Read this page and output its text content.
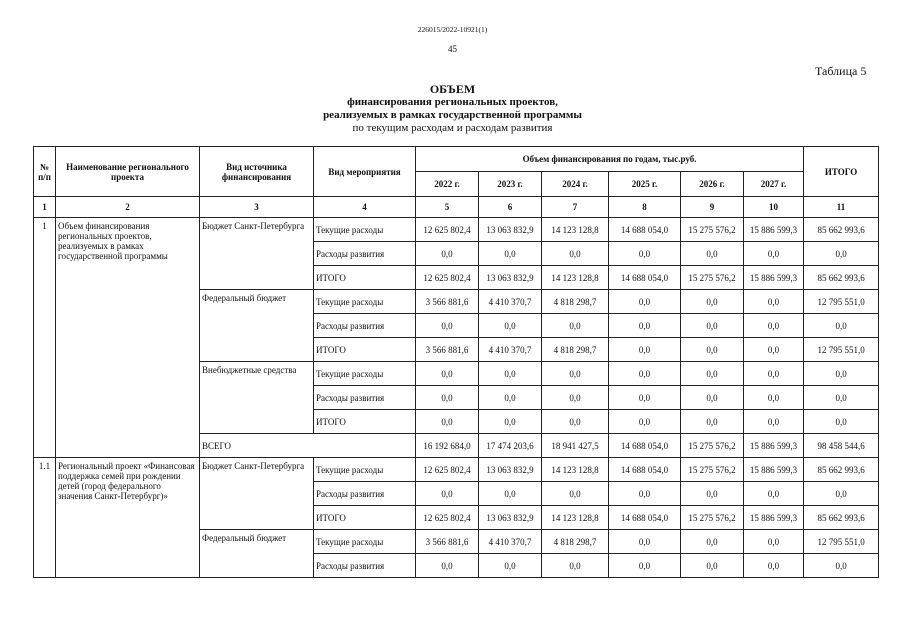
226015/2022-10921(1)
45
Таблица 5
ОБЪЕМ
финансирования региональных проектов,
реализуемых в рамках государственной программы
по текущим расходам и расходам развития
№ п/п	Наименование регионального проекта	Вид источника финансирования	Вид мероприятия	Объем финансирования по годам, тыс.руб.						ИТОГО
				2022 г.	2023 г.	2024 г.	2025 г.	2026 г.	2027 г.	
1	2	3	4	5	6	7	8	9	10	11
1	Объем финансирования региональных проектов, реализуемых в рамках государственной программы	Бюджет Санкт-Петербурга	Текущие расходы	12 625 802,4	13 063 832,9	14 123 128,8	14 688 054,0	15 275 576,2	15 886 599,3	85 662 993,6
			Расходы развития	0,0	0,0	0,0	0,0	0,0	0,0	0,0
			ИТОГО	12 625 802,4	13 063 832,9	14 123 128,8	14 688 054,0	15 275 576,2	15 886 599,3	85 662 993,6
		Федеральный бюджет	Текущие расходы	3 566 881,6	4 410 370,7	4 818 298,7	0,0	0,0	0,0	12 795 551,0
			Расходы развития	0,0	0,0	0,0	0,0	0,0	0,0	0,0
			ИТОГО	3 566 881,6	4 410 370,7	4 818 298,7	0,0	0,0	0,0	12 795 551,0
		Внебюджетные средства	Текущие расходы	0,0	0,0	0,0	0,0	0,0	0,0	0,0
			Расходы развития	0,0	0,0	0,0	0,0	0,0	0,0	0,0
			ИТОГО	0,0	0,0	0,0	0,0	0,0	0,0	0,0
		ВСЕГО		16 192 684,0	17 474 203,6	18 941 427,5	14 688 054,0	15 275 576,2	15 886 599,3	98 458 544,6
1.1	Региональный проект «Финансовая поддержка семей при рождении детей (город федерального значения Санкт-Петербург)»	Бюджет Санкт-Петербурга	Текущие расходы	12 625 802,4	13 063 832,9	14 123 128,8	14 688 054,0	15 275 576,2	15 886 599,3	85 662 993,6
			Расходы развития	0,0	0,0	0,0	0,0	0,0	0,0	0,0
			ИТОГО	12 625 802,4	13 063 832,9	14 123 128,8	14 688 054,0	15 275 576,2	15 886 599,3	85 662 993,6
		Федеральный бюджет	Текущие расходы	3 566 881,6	4 410 370,7	4 818 298,7	0,0	0,0	0,0	12 795 551,0
			Расходы развития	0,0	0,0	0,0	0,0	0,0	0,0	0,0
